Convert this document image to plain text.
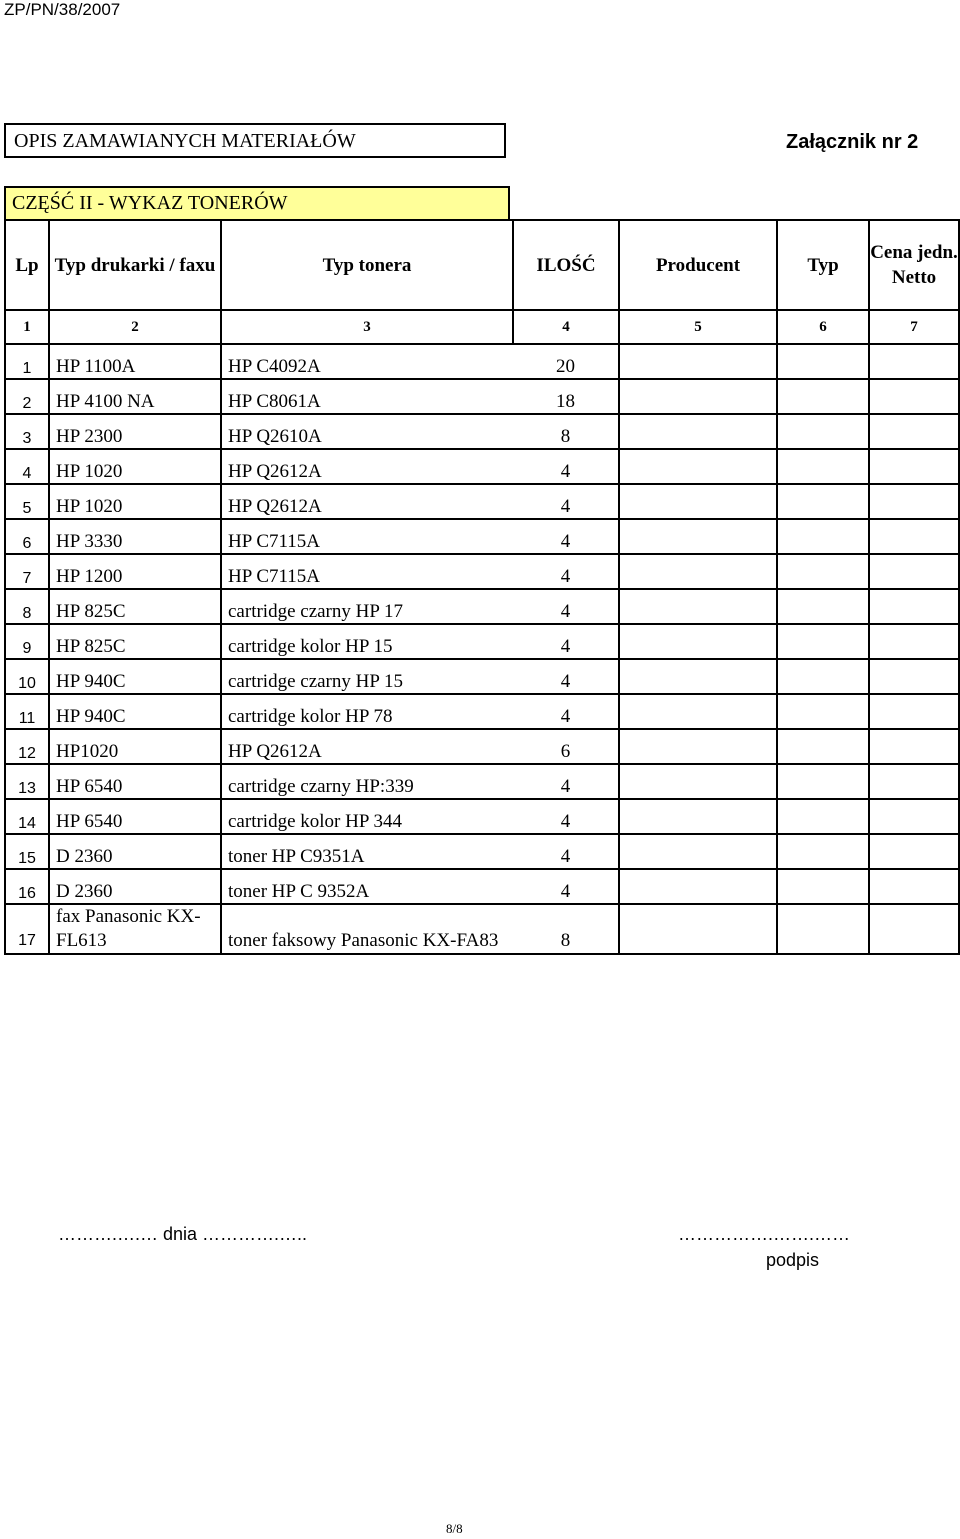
ZP/PN/38/2007
OPIS ZAMAWIANYCH MATERIAŁÓW	Załącznik nr 2
CZĘŚĆ II - WYKAZ TONERÓW
Lp	Typ drukarki / faxu	Typ tonera	ILOŚĆ	Producent	Typ	Cena jedn. Netto
1	2	3	4	5	6	7
1	HP 1100A	HP C4092A	20			
2	HP 4100 NA	HP C8061A	18			
3	HP 2300	HP Q2610A	8			
4	HP 1020	HP Q2612A	4			
5	HP 1020	HP Q2612A	4			
6	HP 3330	HP C7115A	4			
7	HP 1200	HP C7115A	4			
8	HP 825C	cartridge czarny HP 17	4			
9	HP 825C	cartridge kolor HP 15	4			
10	HP 940C	cartridge czarny HP 15	4			
11	HP 940C	cartridge kolor HP 78	4			
12	HP1020	HP Q2612A	6			
13	HP 6540	cartridge czarny HP:339	4			
14	HP 6540	cartridge kolor HP 344	4			
15	D 2360	toner HP C9351A	4			
16	D 2360	toner HP C 9352A	4			
17	fax Panasonic KX-FL613	toner faksowy Panasonic KX-FA83	8			
……….….… dnia ………….…..	…………….…….……
podpis
8/8
